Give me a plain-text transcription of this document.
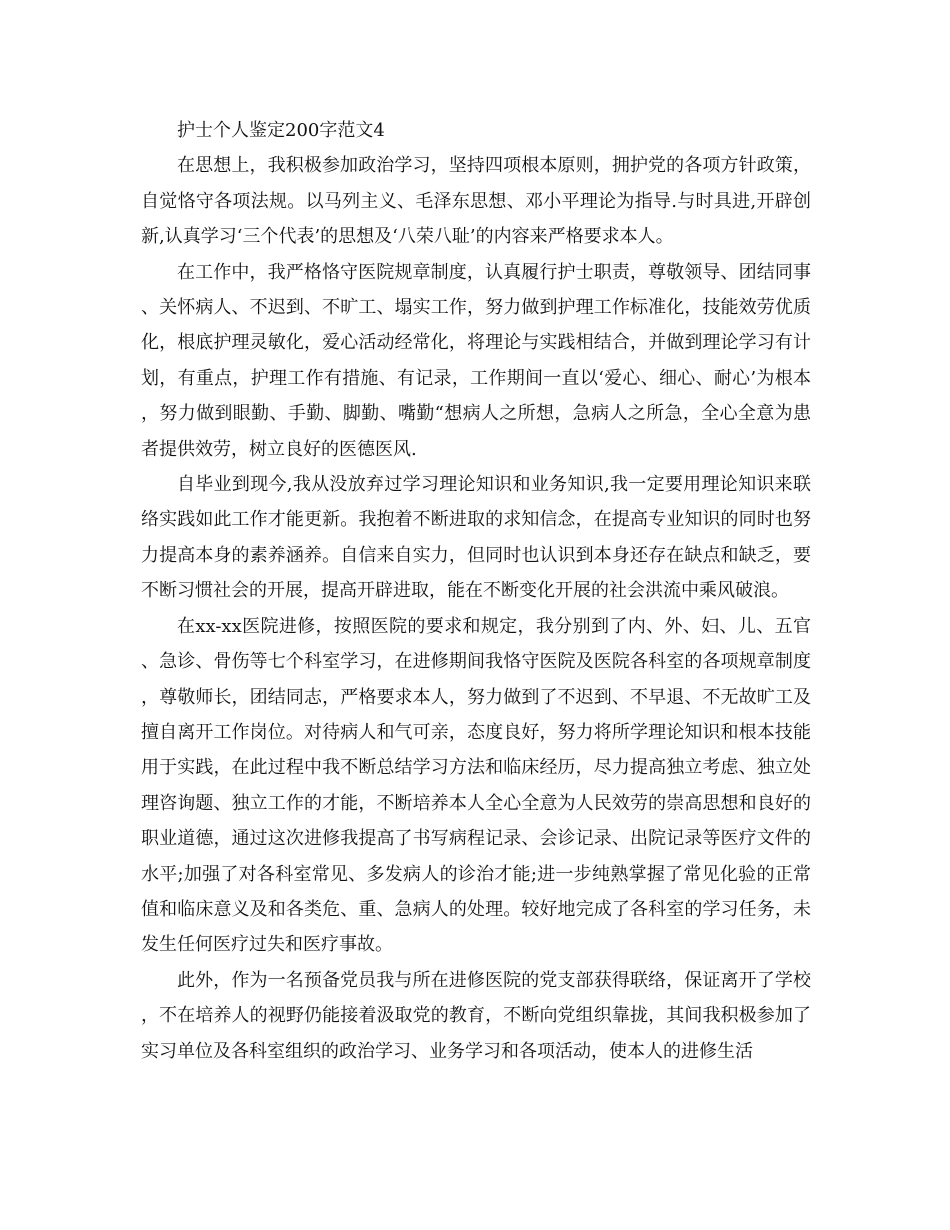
护士个人鉴定200字范文4

在思想上，我积极参加政治学习，坚持四项根本原则，拥护党的各项方针政策，自觉恪守各项法规。以马列主义、毛泽东思想、邓小平理论为指导.与时具进,开辟创新,认真学习‘三个代表’的思想及‘八荣八耻’的内容来严格要求本人。

在工作中，我严格恪守医院规章制度，认真履行护士职责，尊敬领导、团结同事、关怀病人、不迟到、不旷工、塌实工作，努力做到护理工作标准化，技能效劳优质化，根底护理灵敏化，爱心活动经常化，将理论与实践相结合，并做到理论学习有计划，有重点，护理工作有措施、有记录，工作期间一直以‘爱心、细心、耐心’为根本，努力做到眼勤、手勤、脚勤、嘴勤“想病人之所想，急病人之所急，全心全意为患者提供效劳，树立良好的医德医风.

自毕业到现今,我从没放弃过学习理论知识和业务知识,我一定要用理论知识来联络实践如此工作才能更新。我抱着不断进取的求知信念，在提高专业知识的同时也努力提高本身的素养涵养。自信来自实力，但同时也认识到本身还存在缺点和缺乏，要不断习惯社会的开展，提高开辟进取，能在不断变化开展的社会洪流中乘风破浪。

在xx-xx医院进修，按照医院的要求和规定，我分别到了内、外、妇、儿、五官、急诊、骨伤等七个科室学习，在进修期间我恪守医院及医院各科室的各项规章制度，尊敬师长，团结同志，严格要求本人，努力做到了不迟到、不早退、不无故旷工及擅自离开工作岗位。对待病人和气可亲，态度良好，努力将所学理论知识和根本技能用于实践，在此过程中我不断总结学习方法和临床经历，尽力提高独立考虑、独立处理咨询题、独立工作的才能，不断培养本人全心全意为人民效劳的崇高思想和良好的职业道德，通过这次进修我提高了书写病程记录、会诊记录、出院记录等医疗文件的水平;加强了对各科室常见、多发病人的诊治才能;进一步纯熟掌握了常见化验的正常值和临床意义及和各类危、重、急病人的处理。较好地完成了各科室的学习任务，未发生任何医疗过失和医疗事故。

此外，作为一名预备党员我与所在进修医院的党支部获得联络，保证离开了学校，不在培养人的视野仍能接着汲取党的教育，不断向党组织靠拢，其间我积极参加了实习单位及各科室组织的政治学习、业务学习和各项活动，使本人的进修生活
